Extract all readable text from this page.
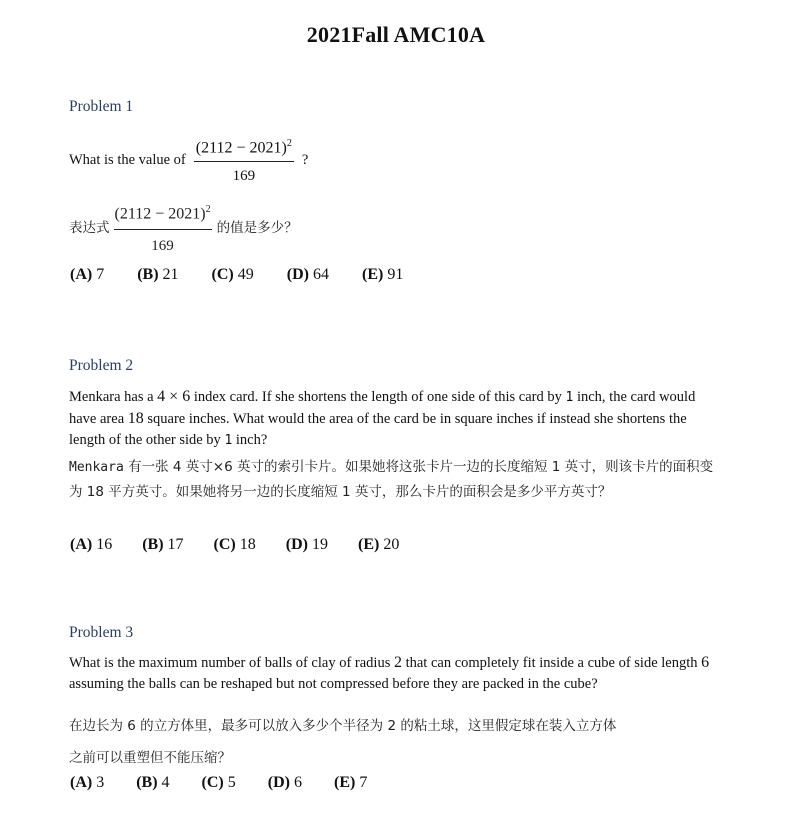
2021Fall AMC10A
Problem 1
What is the value of $\frac{(2112 - 2021)^2}{169}$ ?
表达式 $\frac{(2112 - 2021)^2}{169}$ 的值是多少？
(A) 7 (B) 21 (C) 49 (D) 64 (E) 91
Problem 2
Menkara has a 4 × 6 index card. If she shortens the length of one side of this card by 1 inch, the card would have area 18 square inches. What would the area of the card be in square inches if instead she shortens the length of the other side by 1 inch?
Menkara 有一张 4 英寸×6 英寸的索引卡片。如果她将这张卡片一边的长度缩短 1 英寸，则该卡片的面积变为 18 平方英寸。如果她将另一边的长度缩短 1 英寸，那么卡片的面积会是多少平方英寸？
(A) 16 (B) 17 (C) 18 (D) 19 (E) 20
Problem 3
What is the maximum number of balls of clay of radius 2 that can completely fit inside a cube of side length 6 assuming the balls can be reshaped but not compressed before they are packed in the cube?
在边长为 6 的立方体里，最多可以放入多少个半径为 2 的粘土球，这里假定球在装入立方体
之前可以重塑但不能压缩？
(A) 3 (B) 4 (C) 5 (D) 6 (E) 7
